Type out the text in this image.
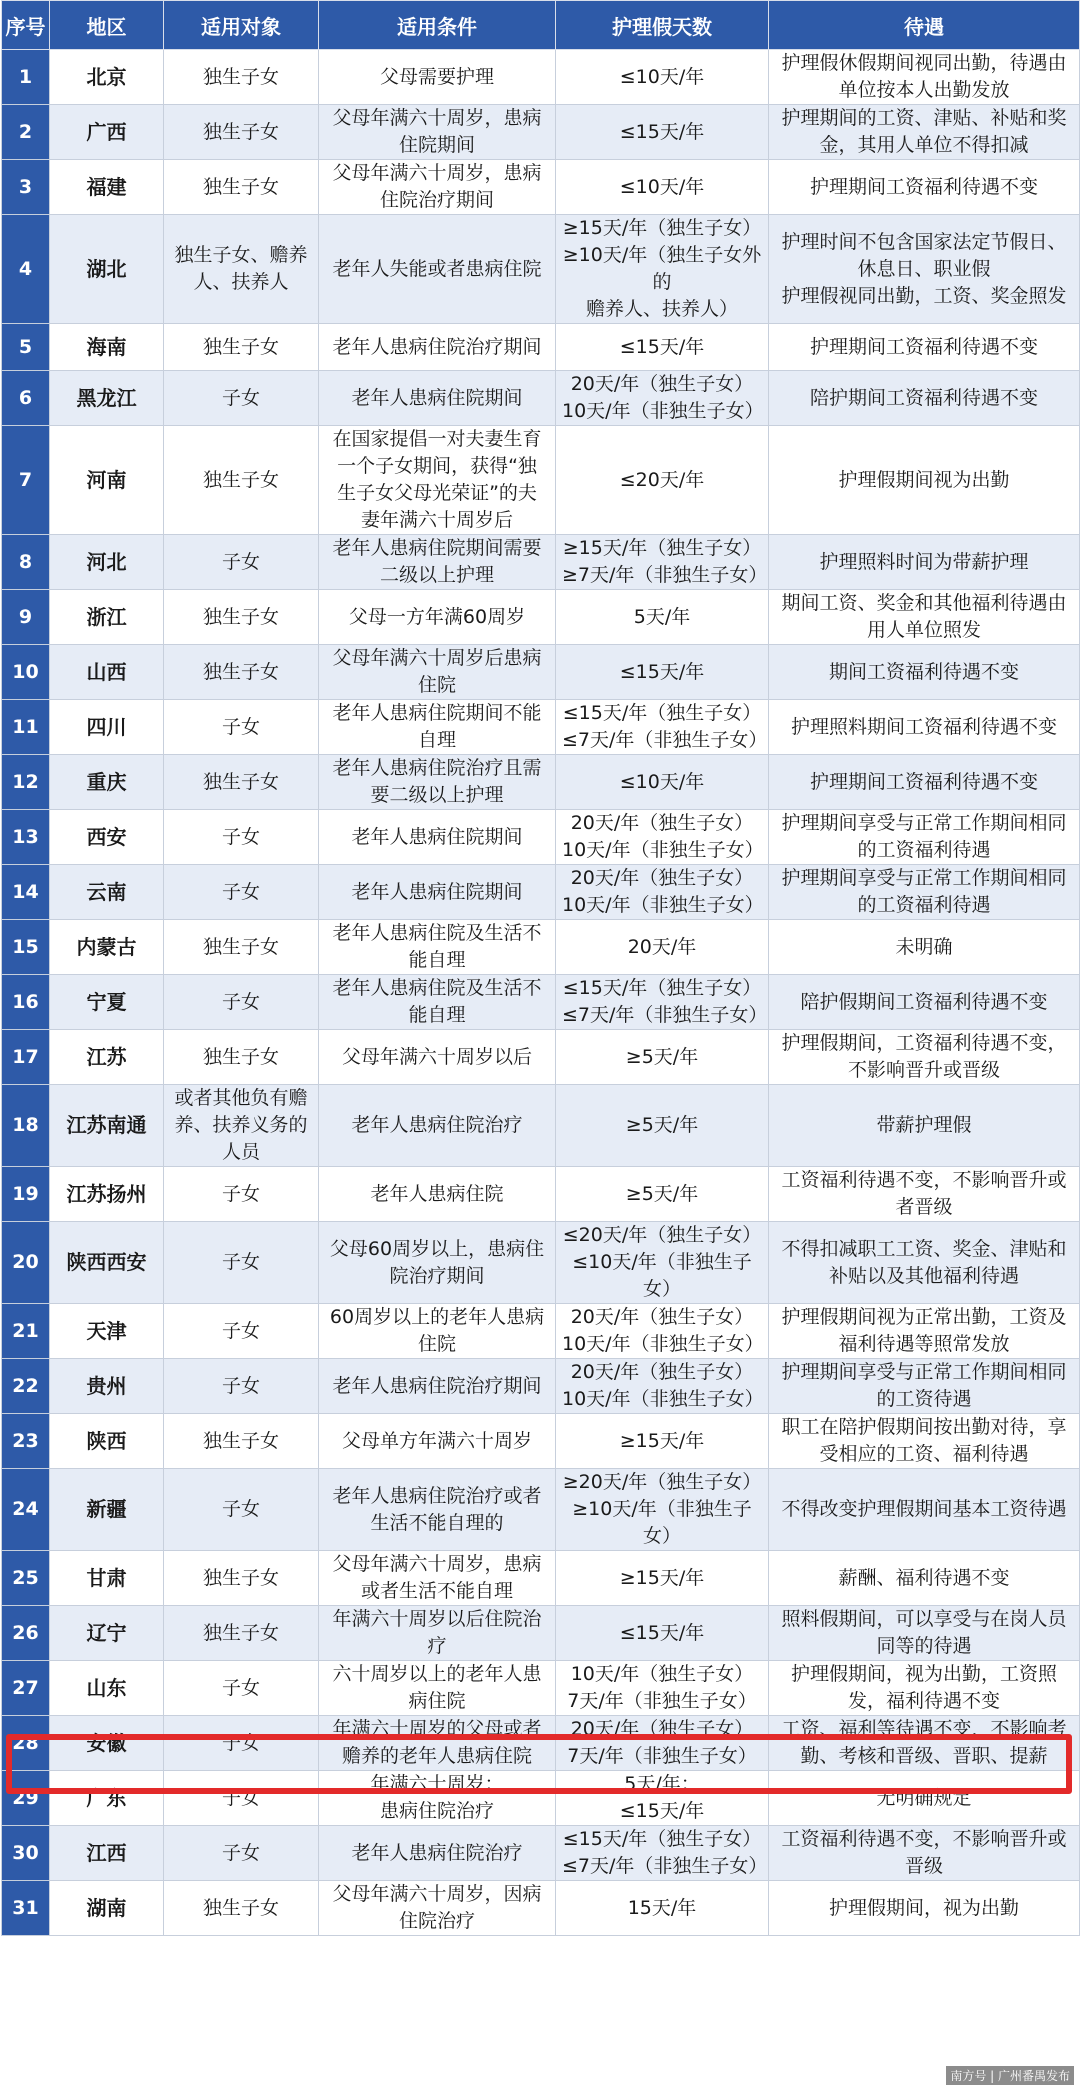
序号	地区	适用对象	适用条件	护理假天数	待遇
1	北京	独生子女	父母需要护理	≤10天/年	护理假休假期间视同出勤，待遇由
单位按本人出勤发放
2	广西	独生子女	父母年满六十周岁，患病
住院期间	≤15天/年	护理期间的工资、津贴、补贴和奖
金，其用人单位不得扣减
3	福建	独生子女	父母年满六十周岁，患病
住院治疗期间	≤10天/年	护理期间工资福利待遇不变
4	湖北	独生子女、赡养
人、扶养人	老年人失能或者患病住院	≥15天/年（独生子女）
≥10天/年（独生子女外的
赡养人、扶养人）	护理时间不包含国家法定节假日、
休息日、职业假
护理假视同出勤，工资、奖金照发
5	海南	独生子女	老年人患病住院治疗期间	≤15天/年	护理期间工资福利待遇不变
6	黑龙江	子女	老年人患病住院期间	20天/年（独生子女）
10天/年（非独生子女）	陪护期间工资福利待遇不变
7	河南	独生子女	在国家提倡一对夫妻生育
一个子女期间，获得“独
生子女父母光荣证”的夫
妻年满六十周岁后	≤20天/年	护理假期间视为出勤
8	河北	子女	老年人患病住院期间需要
二级以上护理	≥15天/年（独生子女）
≥7天/年（非独生子女）	护理照料时间为带薪护理
9	浙江	独生子女	父母一方年满60周岁	5天/年	期间工资、奖金和其他福利待遇由
用人单位照发
10	山西	独生子女	父母年满六十周岁后患病
住院	≤15天/年	期间工资福利待遇不变
11	四川	子女	老年人患病住院期间不能
自理	≤15天/年（独生子女）
≤7天/年（非独生子女）	护理照料期间工资福利待遇不变
12	重庆	独生子女	老年人患病住院治疗且需
要二级以上护理	≤10天/年	护理期间工资福利待遇不变
13	西安	子女	老年人患病住院期间	20天/年（独生子女）
10天/年（非独生子女）	护理期间享受与正常工作期间相同
的工资福利待遇
14	云南	子女	老年人患病住院期间	20天/年（独生子女）
10天/年（非独生子女）	护理期间享受与正常工作期间相同
的工资福利待遇
15	内蒙古	独生子女	老年人患病住院及生活不
能自理	20天/年	未明确
16	宁夏	子女	老年人患病住院及生活不
能自理	≤15天/年（独生子女）
≤7天/年（非独生子女）	陪护假期间工资福利待遇不变
17	江苏	独生子女	父母年满六十周岁以后	≥5天/年	护理假期间，工资福利待遇不变，
不影响晋升或晋级
18	江苏南通	或者其他负有赡
养、扶养义务的
人员	老年人患病住院治疗	≥5天/年	带薪护理假
19	江苏扬州	子女	老年人患病住院	≥5天/年	工资福利待遇不变，不影响晋升或
者晋级
20	陕西西安	子女	父母60周岁以上，患病住
院治疗期间	≤20天/年（独生子女）
≤10天/年（非独生子女）	不得扣减职工工资、奖金、津贴和
补贴以及其他福利待遇
21	天津	子女	60周岁以上的老年人患病
住院	20天/年（独生子女）
10天/年（非独生子女）	护理假期间视为正常出勤，工资及
福利待遇等照常发放
22	贵州	子女	老年人患病住院治疗期间	20天/年（独生子女）
10天/年（非独生子女）	护理期间享受与正常工作期间相同
的工资待遇
23	陕西	独生子女	父母单方年满六十周岁	≥15天/年	职工在陪护假期间按出勤对待，享
受相应的工资、福利待遇
24	新疆	子女	老年人患病住院治疗或者
生活不能自理的	≥20天/年（独生子女）
≥10天/年（非独生子女）	不得改变护理假期间基本工资待遇
25	甘肃	独生子女	父母年满六十周岁，患病
或者生活不能自理	≥15天/年	薪酬、福利待遇不变
26	辽宁	独生子女	年满六十周岁以后住院治
疗	≤15天/年	照料假期间，可以享受与在岗人员
同等的待遇
27	山东	子女	六十周岁以上的老年人患
病住院	10天/年（独生子女）
7天/年（非独生子女）	护理假期间，视为出勤，工资照
发，福利待遇不变
28	安徽	子女	年满六十周岁的父母或者
赡养的老年人患病住院	20天/年（独生子女）
7天/年（非独生子女）	工资、福利等待遇不变，不影响考
勤、考核和晋级、晋职、提薪
29	广东	子女	年满六十周岁；
患病住院治疗	5天/年；
≤15天/年	无明确规定
30	江西	子女	老年人患病住院治疗	≤15天/年（独生子女）
≤7天/年（非独生子女）	工资福利待遇不变，不影响晋升或
晋级
31	湖南	独生子女	父母年满六十周岁，因病
住院治疗	15天/年	护理假期间，视为出勤
南方号 | 广州番禺发布
